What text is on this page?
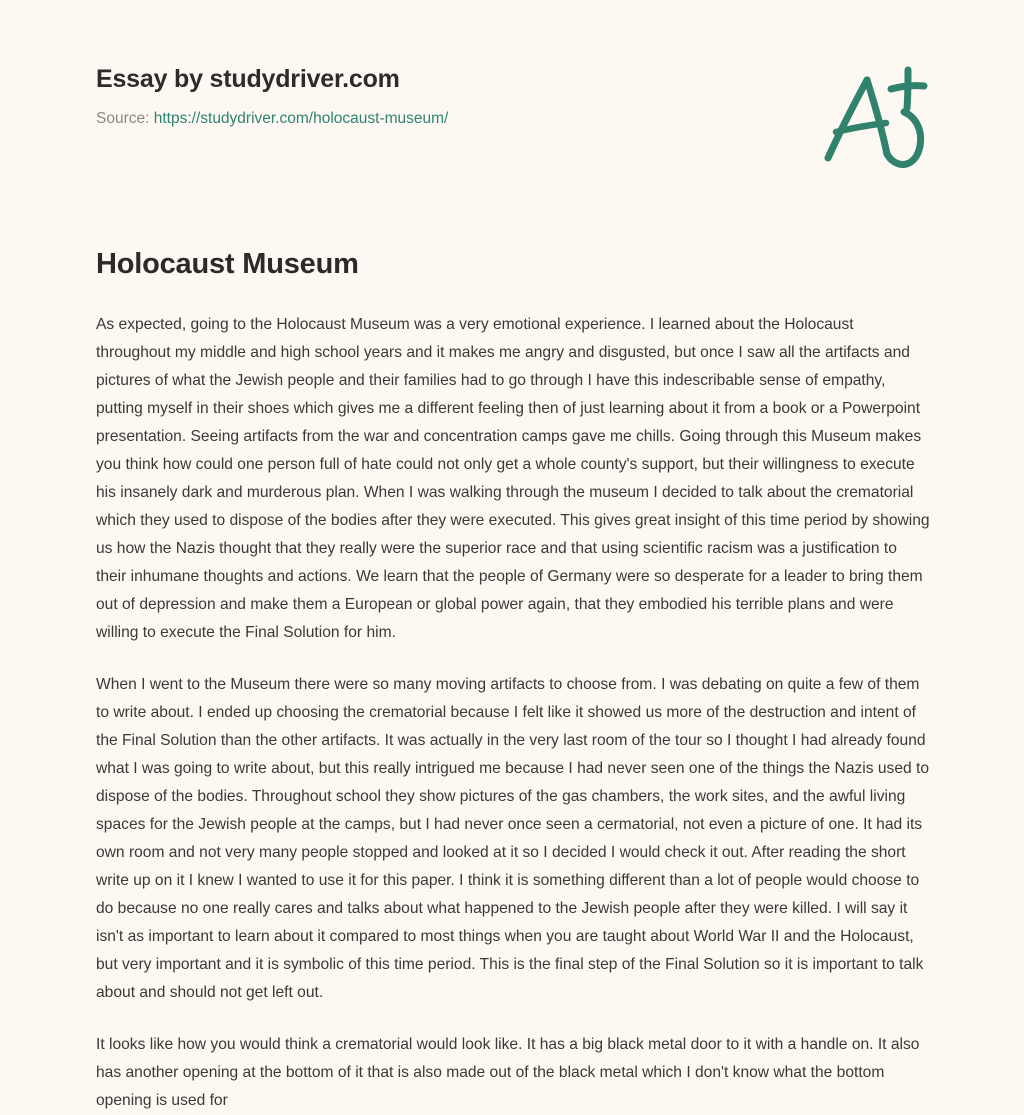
Essay by studydriver.com
Source: https://studydriver.com/holocaust-museum/
Holocaust Museum

As expected, going to the Holocaust Museum was a very emotional experience. I learned about the Holocaust throughout my middle and high school years and it makes me angry and disgusted, but once I saw all the artifacts and pictures of what the Jewish people and their families had to go through I have this indescribable sense of empathy, putting myself in their shoes which gives me a different feeling then of just learning about it from a book or a Powerpoint presentation. Seeing artifacts from the war and concentration camps gave me chills. Going through this Museum makes you think how could one person full of hate could not only get a whole county's support, but their willingness to execute his insanely dark and murderous plan. When I was walking through the museum I decided to talk about the crematorial which they used to dispose of the bodies after they were executed. This gives great insight of this time period by showing us how the Nazis thought that they really were the superior race and that using scientific racism was a justification to their inhumane thoughts and actions. We learn that the people of Germany were so desperate for a leader to bring them out of depression and make them a European or global power again, that they embodied his terrible plans and were willing to execute the Final Solution for him.

When I went to the Museum there were so many moving artifacts to choose from. I was debating on quite a few of them to write about. I ended up choosing the crematorial because I felt like it showed us more of the destruction and intent of the Final Solution than the other artifacts. It was actually in the very last room of the tour so I thought I had already found what I was going to write about, but this really intrigued me because I had never seen one of the things the Nazis used to dispose of the bodies. Throughout school they show pictures of the gas chambers, the work sites, and the awful living spaces for the Jewish people at the camps, but I had never once seen a cermatorial, not even a picture of one. It had its own room and not very many people stopped and looked at it so I decided I would check it out. After reading the short write up on it I knew I wanted to use it for this paper. I think it is something different than a lot of people would choose to do because no one really cares and talks about what happened to the Jewish people after they were killed. I will say it isn't as important to learn about it compared to most things when you are taught about World War II and the Holocaust, but very important and it is symbolic of this time period. This is the final step of the Final Solution so it is important to talk about and should not get left out.

It looks like how you would think a crematorial would look like. It has a big black metal door to it with a handle on. It also has another opening at the bottom of it that is also made out of the black metal which I don't know what the bottom opening is used for
